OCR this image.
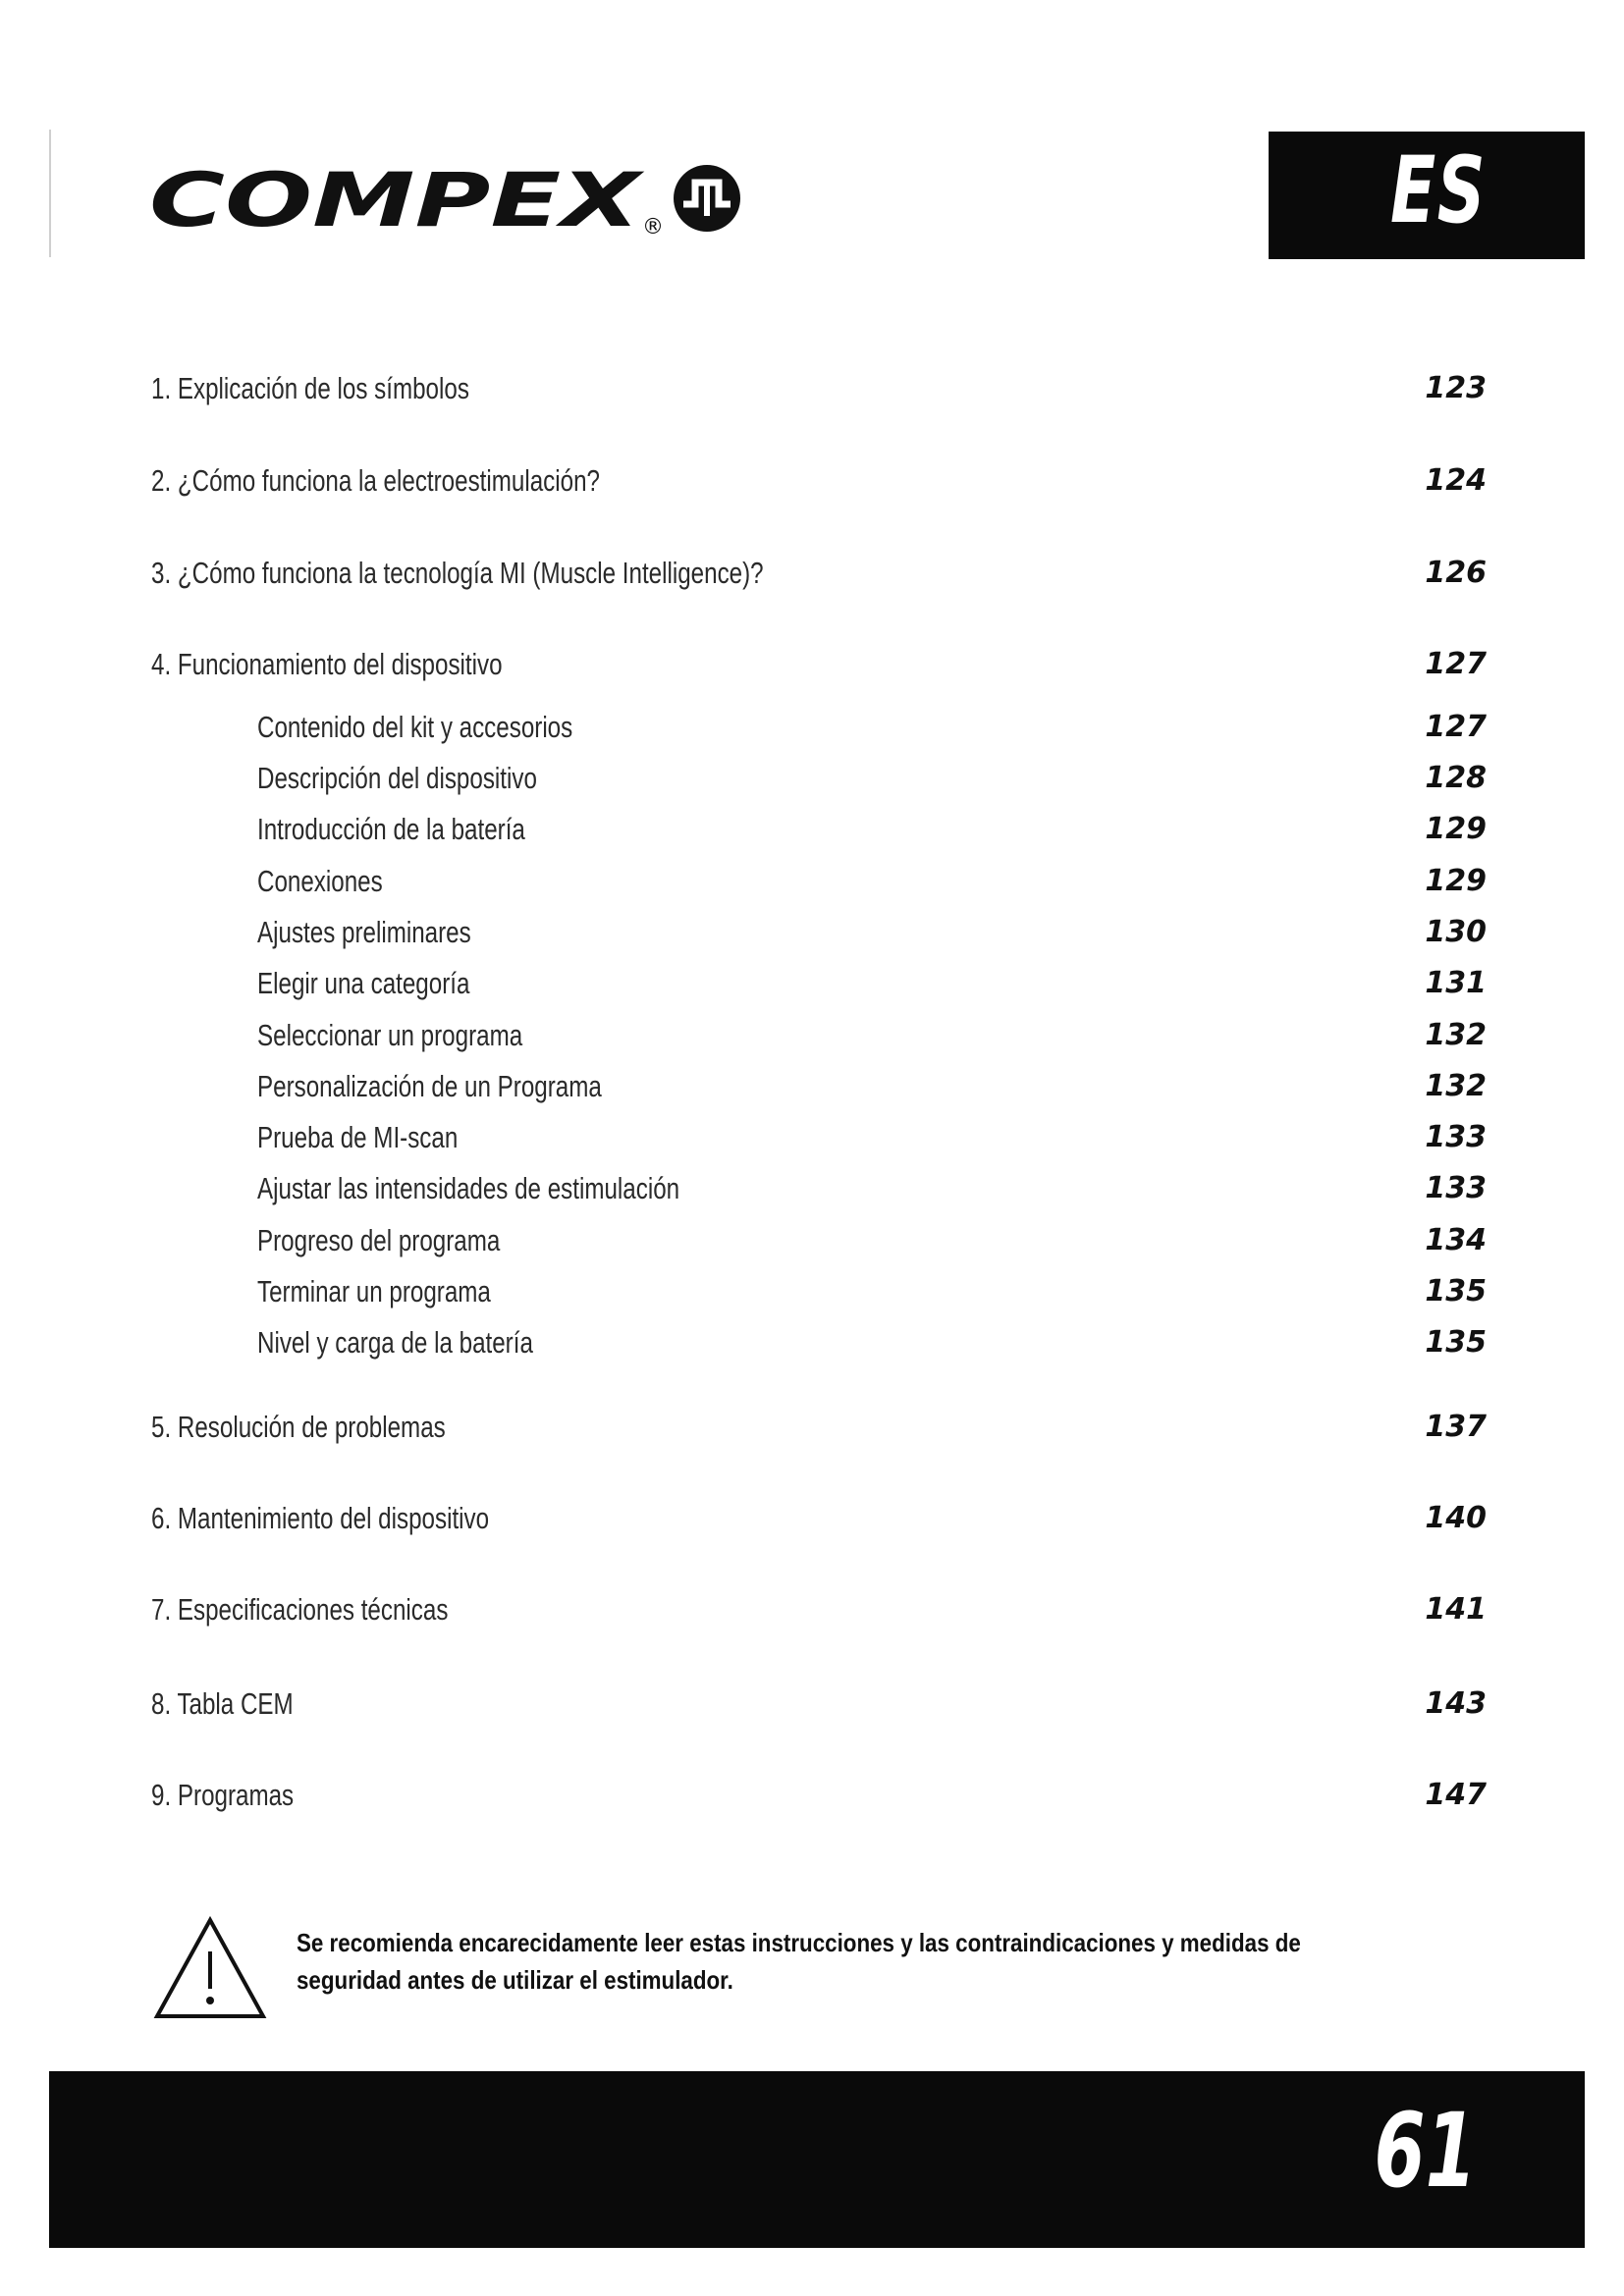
COMPEX
®	ES
1. Explicación de los símbolos	123
2. ¿Cómo funciona la electroestimulación?	124
3. ¿Cómo funciona la tecnología MI (Muscle Intelligence)?	126
4. Funcionamiento del dispositivo	127
Contenido del kit y accesorios	127
Descripción del dispositivo	128
Introducción de la batería	129
Conexiones	129
Ajustes preliminares	130
Elegir una categoría	131
Seleccionar un programa	132
Personalización de un Programa	132
Prueba de MI-scan	133
Ajustar las intensidades de estimulación	133
Progreso del programa	134
Terminar un programa	135
Nivel y carga de la batería	135
5. Resolución de problemas	137
6. Mantenimiento del dispositivo	140
7. Especificaciones técnicas	141
8. Tabla CEM	143
9. Programas	147
Se recomienda encarecidamente leer estas instrucciones y las contraindicaciones y medidas de seguridad antes de utilizar el estimulador.
61
